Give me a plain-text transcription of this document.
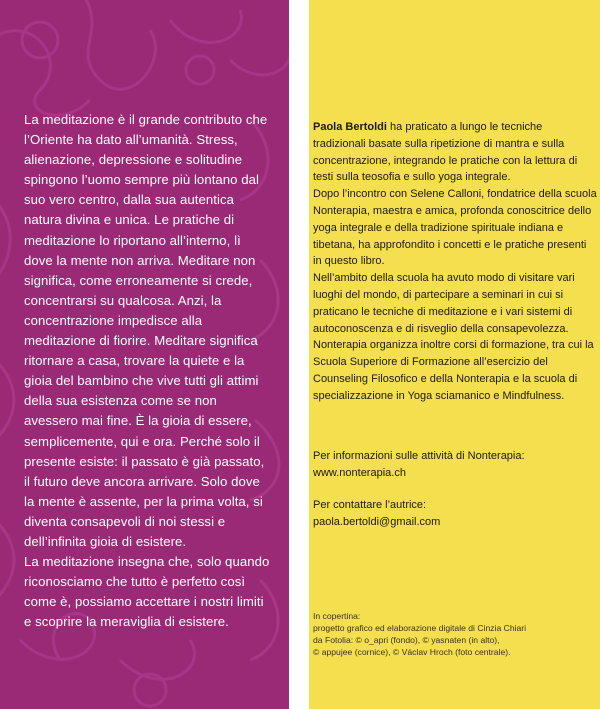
La meditazione è il grande contributo che l’Oriente ha dato all’umanità. Stress, alienazione, depressione e solitudine spingono l’uomo sempre più lontano dal suo vero centro, dalla sua autentica natura divina e unica. Le pratiche di meditazione lo riportano all’interno, lì dove la mente non arriva. Meditare non significa, come erroneamente si crede, concentrarsi su qualcosa. Anzi, la concentrazione impedisce alla meditazione di fiorire. Meditare significa ritornare a casa, trovare la quiete e la gioia del bambino che vive tutti gli attimi della sua esistenza come se non avessero mai fine. È la gioia di essere, semplicemente, qui e ora. Perché solo il presente esiste: il passato è già passato, il futuro deve ancora arrivare. Solo dove la mente è assente, per la prima volta, si diventa consapevoli di noi stessi e dell’infinita gioia di esistere.

La meditazione insegna che, solo quando riconosciamo che tutto è perfetto così come è, possiamo accettare i nostri limiti e scoprire la meraviglia di esistere.

Paola Bertoldi ha praticato a lungo le tecniche tradizionali basate sulla ripetizione di mantra e sulla concentrazione, integrando le pratiche con la lettura di testi sulla teosofia e sullo yoga integrale.

Dopo l’incontro con Selene Calloni, fondatrice della scuola Nonterapia, maestra e amica, profonda conoscitrice dello yoga integrale e della tradizione spirituale indiana e tibetana, ha approfondito i concetti e le pratiche presenti in questo libro.

Nell’ambito della scuola ha avuto modo di visitare vari luoghi del mondo, di partecipare a seminari in cui si praticano le tecniche di meditazione e i vari sistemi di autoconoscenza e di risveglio della consapevolezza.

Nonterapia organizza inoltre corsi di formazione, tra cui la Scuola Superiore di Formazione all’esercizio del Counseling Filosofico e della Nonterapia e la scuola di specializzazione in Yoga sciamanico e Mindfulness.

Per informazioni sulle attività di Nonterapia:

www.nonterapia.ch

Per contattare l’autrice:

paola.bertoldi@gmail.com

In copertina:

progetto grafico ed elaborazione digitale di Cinzia Chiari

da Fotolia: © o_apri (fondo), © yasnaten (in alto),

© appujee (cornice), © Václav Hroch (foto centrale).
